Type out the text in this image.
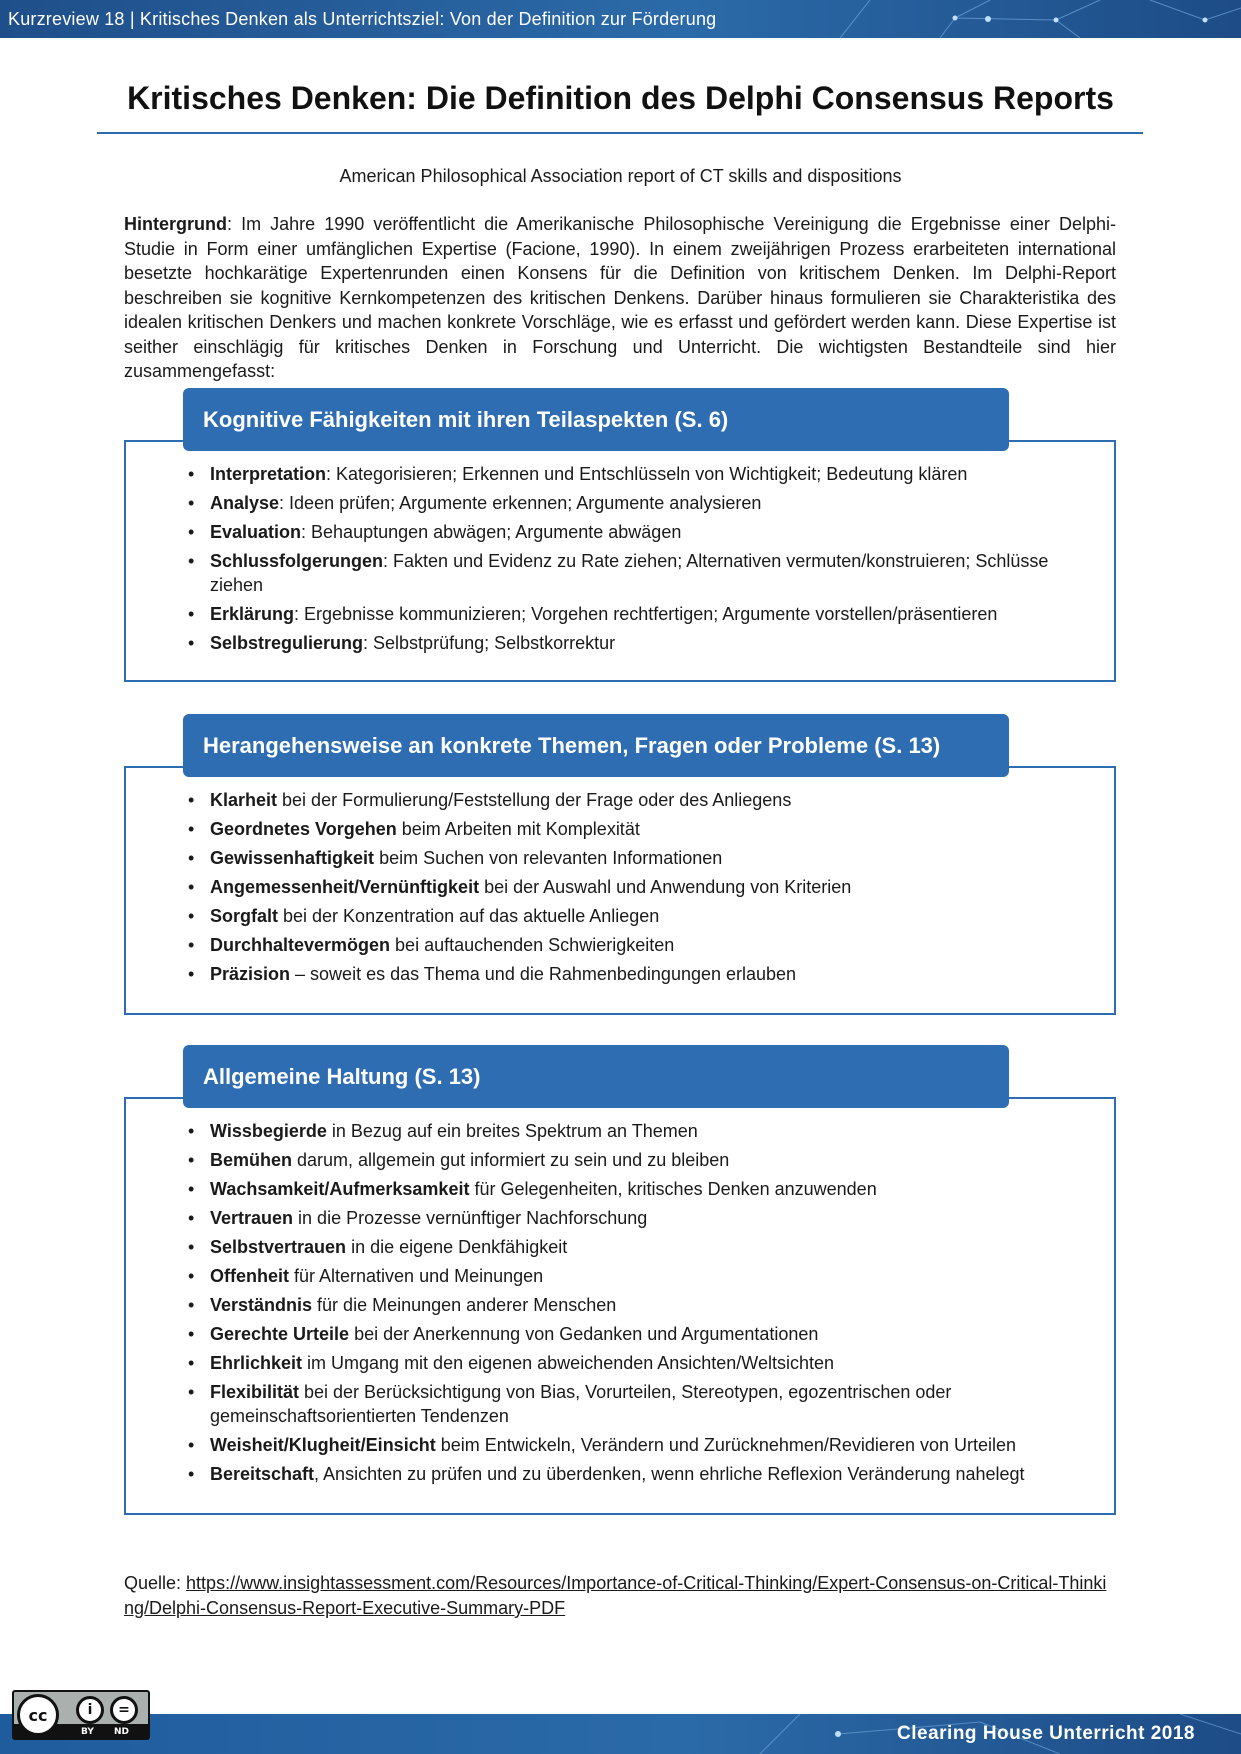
Kurzreview 18 | Kritisches Denken als Unterrichtsziel: Von der Definition zur Förderung
Kritisches Denken: Die Definition des Delphi Consensus Reports
American Philosophical Association report of CT skills and dispositions
Hintergrund: Im Jahre 1990 veröffentlicht die Amerikanische Philosophische Vereinigung die Ergebnisse einer Delphi-Studie in Form einer umfänglichen Expertise (Facione, 1990). In einem zweijährigen Prozess erarbeiteten international besetzte hochkarätige Expertenrunden einen Konsens für die Definition von kritischem Denken. Im Delphi-Report beschreiben sie kognitive Kernkompetenzen des kritischen Denkens. Darüber hinaus formulieren sie Charakteristika des idealen kritischen Denkers und machen konkrete Vorschläge, wie es erfasst und gefördert werden kann. Diese Expertise ist seither einschlägig für kritisches Denken in Forschung und Unterricht. Die wichtigsten Bestandteile sind hier zusammengefasst:
• Interpretation: Kategorisieren; Erkennen und Entschlüsseln von Wichtigkeit; Bedeutung klären
• Analyse: Ideen prüfen; Argumente erkennen; Argumente analysieren
• Evaluation: Behauptungen abwägen; Argumente abwägen
• Schlussfolgerungen: Fakten und Evidenz zu Rate ziehen; Alternativen vermuten/konstruieren; Schlüsse ziehen
• Erklärung: Ergebnisse kommunizieren; Vorgehen rechtfertigen; Argumente vorstellen/präsentieren
• Selbstregulierung: Selbstprüfung; Selbstkorrektur
Kognitive Fähigkeiten mit ihren Teilaspekten (S. 6)
• Klarheit bei der Formulierung/Feststellung der Frage oder des Anliegens
• Geordnetes Vorgehen beim Arbeiten mit Komplexität
• Gewissenhaftigkeit beim Suchen von relevanten Informationen
• Angemessenheit/Vernünftigkeit bei der Auswahl und Anwendung von Kriterien
• Sorgfalt bei der Konzentration auf das aktuelle Anliegen
• Durchhaltevermögen bei auftauchenden Schwierigkeiten
• Präzision – soweit es das Thema und die Rahmenbedingungen erlauben
Herangehensweise an konkrete Themen, Fragen oder Probleme (S. 13)
• Wissbegierde in Bezug auf ein breites Spektrum an Themen
• Bemühen darum, allgemein gut informiert zu sein und zu bleiben
• Wachsamkeit/Aufmerksamkeit für Gelegenheiten, kritisches Denken anzuwenden
• Vertrauen in die Prozesse vernünftiger Nachforschung
• Selbstvertrauen in die eigene Denkfähigkeit
• Offenheit für Alternativen und Meinungen
• Verständnis für die Meinungen anderer Menschen
• Gerechte Urteile bei der Anerkennung von Gedanken und Argumentationen
• Ehrlichkeit im Umgang mit den eigenen abweichenden Ansichten/Weltsichten
• Flexibilität bei der Berücksichtigung von Bias, Vorurteilen, Stereotypen, egozentrischen oder gemeinschaftsorientierten Tendenzen
• Weisheit/Klugheit/Einsicht beim Entwickeln, Verändern und Zurücknehmen/Revidieren von Urteilen
• Bereitschaft, Ansichten zu prüfen und zu überdenken, wenn ehrliche Reflexion Veränderung nahelegt
Allgemeine Haltung (S. 13)
Quelle: https://www.insightassessment.com/Resources/Importance-of-Critical-Thinking/Expert-Consensus-on-Critical-Thinking/Delphi-Consensus-Report-Executive-Summary-PDF
Clearing House Unterricht 2018
cc	i	=
BY ND
